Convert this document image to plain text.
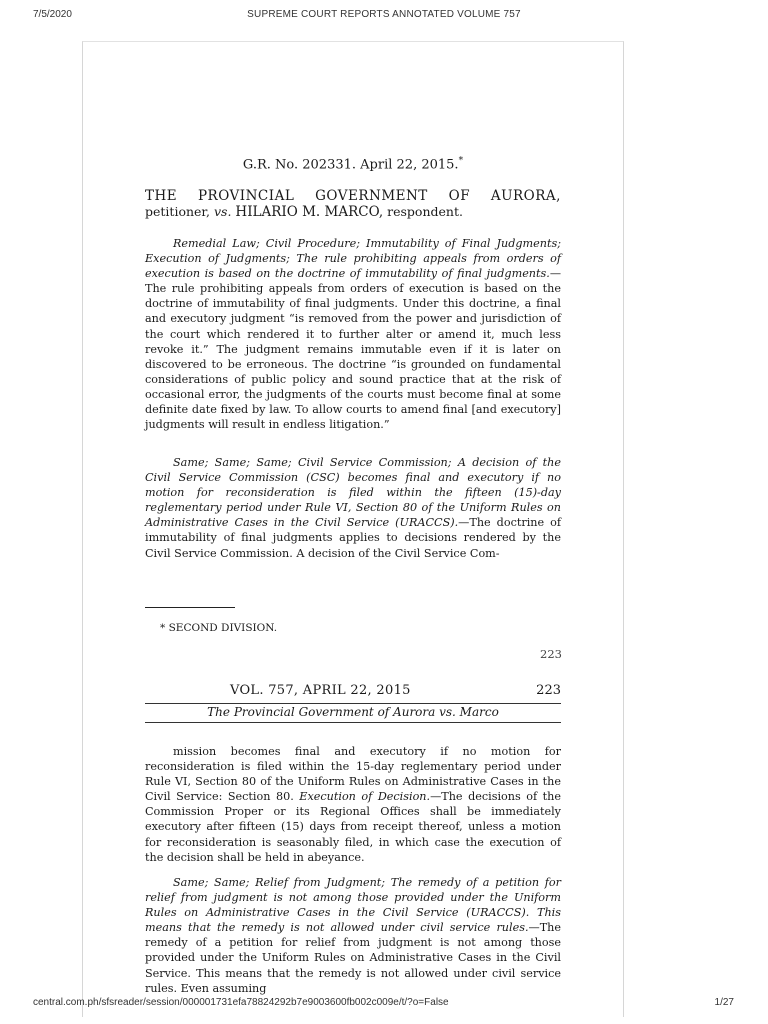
7/5/2020	SUPREME COURT REPORTS ANNOTATED VOLUME 757
G.R. No. 202331. April 22, 2015.*
THE PROVINCIAL GOVERNMENT OF AURORA,
petitioner, vs. HILARIO M. MARCO, respondent.

Remedial Law; Civil Procedure; Immutability of Final Judgments; Execution of Judgments; The rule prohibiting appeals from orders of execution is based on the doctrine of immutability of final judgments.—The rule prohibiting appeals from orders of execution is based on the doctrine of immutability of final judgments. Under this doctrine, a final and executory judgment “is removed from the power and jurisdiction of the court which rendered it to further alter or amend it, much less revoke it.” The judgment remains immutable even if it is later on discovered to be erroneous. The doctrine “is grounded on fundamental considerations of public policy and sound practice that at the risk of occasional error, the judgments of the courts must become final at some definite date fixed by law. To allow courts to amend final [and executory] judgments will result in endless litigation.”

Same; Same; Same; Civil Service Commission; A decision of the Civil Service Commission (CSC) becomes final and executory if no motion for reconsideration is filed within the fifteen (15)-day reglementary period under Rule VI, Section 80 of the Uniform Rules on Administrative Cases in the Civil Service (URACCS).—The doctrine of immutability of final judgments applies to decisions rendered by the Civil Service Commission. A decision of the Civil Service Com-

* SECOND DIVISION.
223
VOL. 757, APRIL 22, 2015	223
The Provincial Government of Aurora vs. Marco

mission becomes final and executory if no motion for reconsideration is filed within the 15-day reglementary period under Rule VI, Section 80 of the Uniform Rules on Administrative Cases in the Civil Service: Section 80. Execution of Decision.—The decisions of the Commission Proper or its Regional Offices shall be immediately executory after fifteen (15) days from receipt thereof, unless a motion for reconsideration is seasonably filed, in which case the execution of the decision shall be held in abeyance.

Same; Same; Relief from Judgment; The remedy of a petition for relief from judgment is not among those provided under the Uniform Rules on Administrative Cases in the Civil Service (URACCS). This means that the remedy is not allowed under civil service rules.—The remedy of a petition for relief from judgment is not among those provided under the Uniform Rules on Administrative Cases in the Civil Service. This means that the remedy is not allowed under civil service rules. Even assuming

central.com.ph/sfsreader/session/000001731efa78824292b7e9003600fb002c009e/t/?o=False	1/27
